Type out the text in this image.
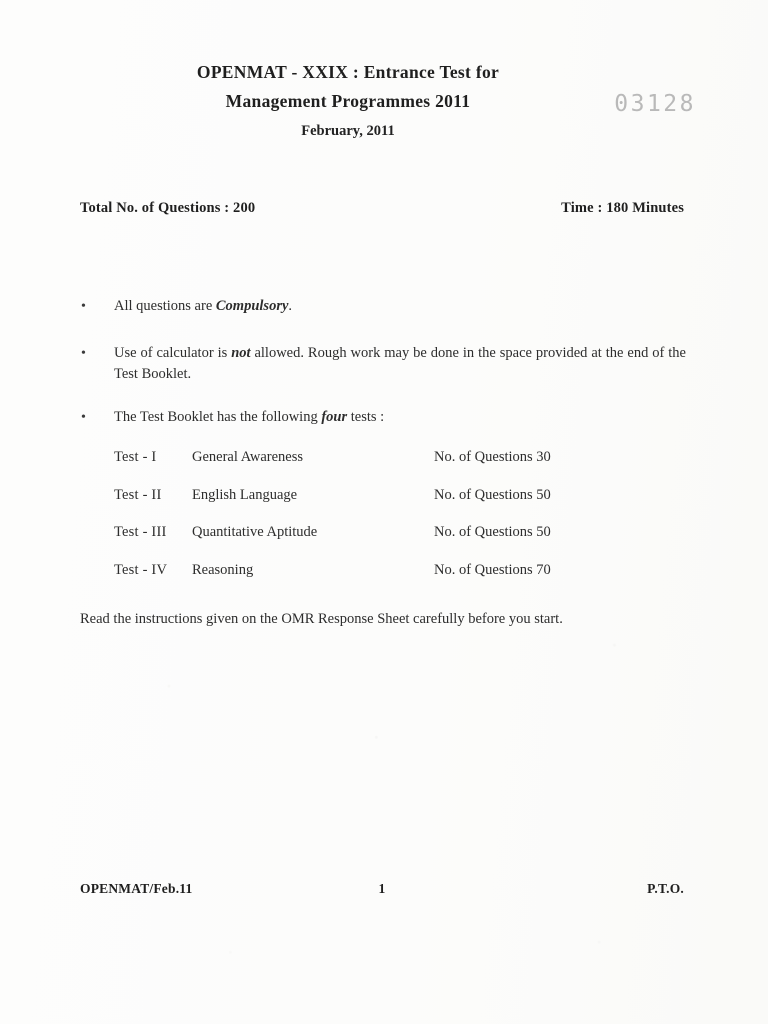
OPENMAT - XXIX : Entrance Test for
Management Programmes 2011
February, 2011
03128
Total No. of Questions : 200	Time : 180 Minutes
• All questions are Compulsory.
• Use of calculator is not allowed. Rough work may be done in the space provided at the end of the Test Booklet.
• The Test Booklet has the following four tests :
Test - I	General Awareness	No. of Questions 30
Test - II	English Language	No. of Questions 50
Test - III	Quantitative Aptitude	No. of Questions 50
Test - IV	Reasoning	No. of Questions 70
Read the instructions given on the OMR Response Sheet carefully before you start.
OPENMAT/Feb.11	1	P.T.O.
